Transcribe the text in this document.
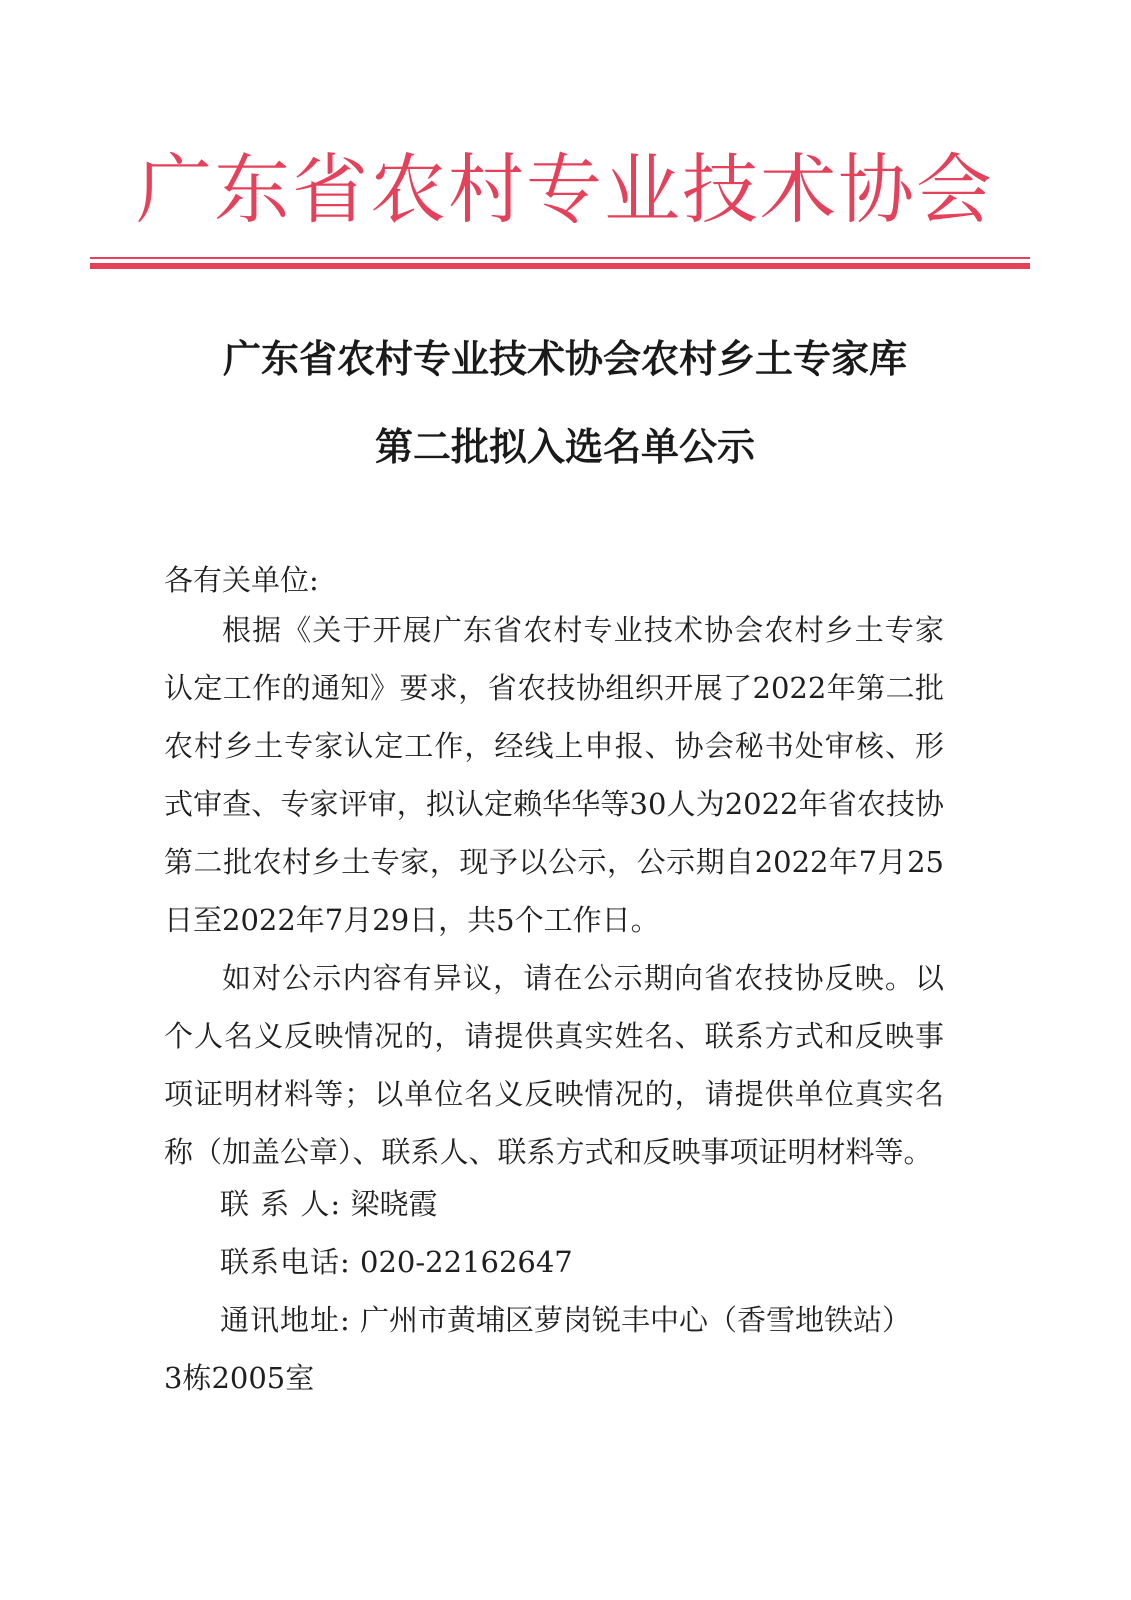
广东省农村专业技术协会
广东省农村专业技术协会农村乡土专家库
第二批拟入选名单公示
各有关单位:
根据《关于开展广东省农村专业技术协会农村乡土专家认定工作的通知》要求，省农技协组织开展了2022年第二批农村乡土专家认定工作，经线上申报、协会秘书处审核、形式审查、专家评审，拟认定赖华华等30人为2022年省农技协第二批农村乡土专家，现予以公示，公示期自2022年7月25日至2022年7月29日，共5个工作日。
如对公示内容有异议，请在公示期向省农技协反映。以个人名义反映情况的，请提供真实姓名、联系方式和反映事项证明材料等；以单位名义反映情况的，请提供单位真实名称（加盖公章）、联系人、联系方式和反映事项证明材料等。
联 系 人: 梁晓霞
联系电话: 020-22162647
通讯地址: 广州市黄埔区萝岗锐丰中心（香雪地铁站）
3栋2005室
